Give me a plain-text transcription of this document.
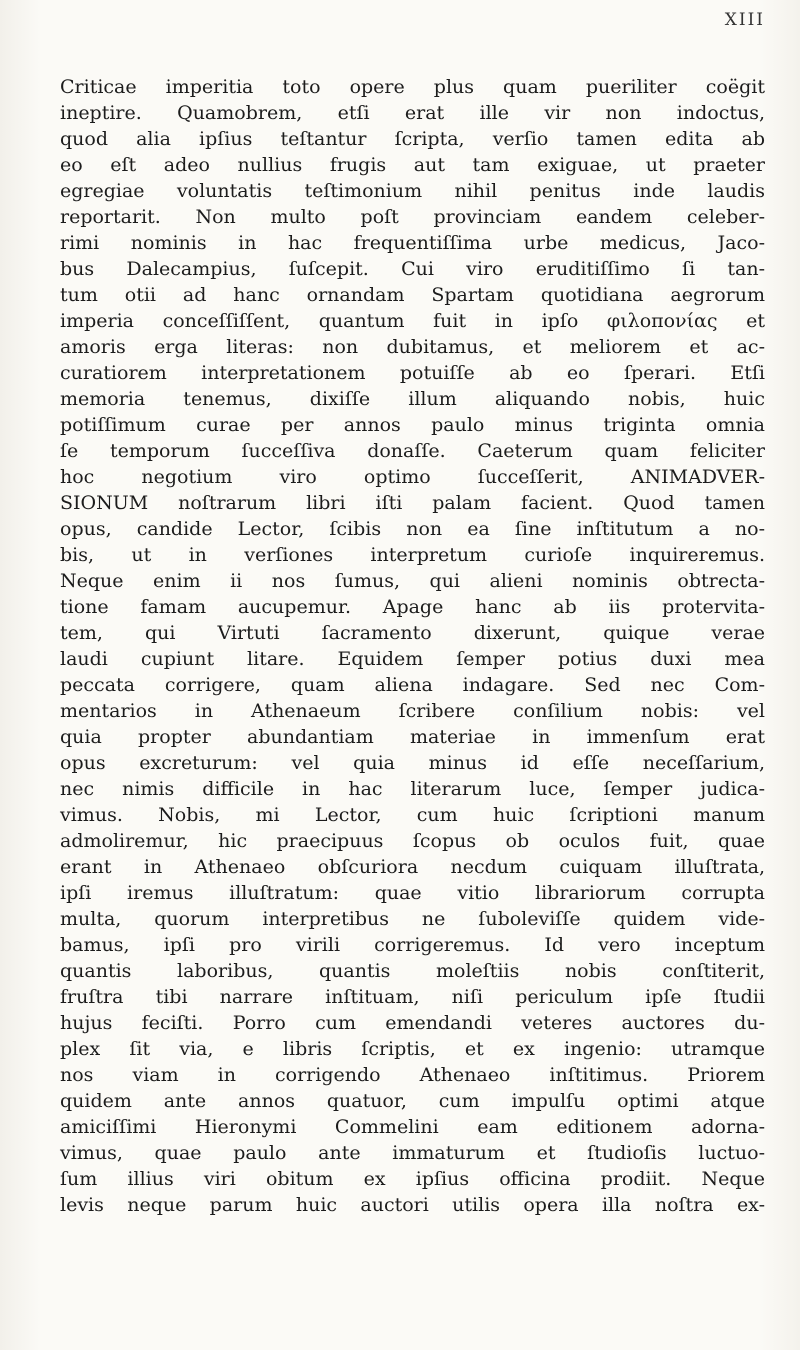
XIII
Criticae imperitia toto opere plus quam pueriliter coëgit
ineptire. Quamobrem, etſi erat ille vir non indoctus,
quod alia ipſius teſtantur ſcripta, verſio tamen edita ab
eo eſt adeo nullius frugis aut tam exiguae, ut praeter
egregiae voluntatis teſtimonium nihil penitus inde laudis
reportarit. Non multo poſt provinciam eandem celeber-
rimi nominis in hac frequentiſſima urbe medicus, Jaco-
bus Dalecampius, ſuſcepit. Cui viro eruditiſſimo ſi tan-
tum otii ad hanc ornandam Spartam quotidiana aegrorum
imperia conceſſiſſent, quantum fuit in ipſo φιλοπονίας et
amoris erga literas: non dubitamus, et meliorem et ac-
curatiorem interpretationem potuiſſe ab eo ſperari. Etſi
memoria tenemus, dixiſſe illum aliquando nobis, huic
potiſſimum curae per annos paulo minus triginta omnia
ſe temporum ſucceſſiva donaſſe. Caeterum quam feliciter
hoc negotium viro optimo ſucceſſerit, ANIMADVER-
SIONUM noſtrarum libri iſti palam facient. Quod tamen
opus, candide Lector, ſcibis non ea ſine inſtitutum a no-
bis, ut in verſiones interpretum curioſe inquireremus.
Neque enim ii nos ſumus, qui alieni nominis obtrecta-
tione famam aucupemur. Apage hanc ab iis protervita-
tem, qui Virtuti ſacramento dixerunt, quique verae
laudi cupiunt litare. Equidem ſemper potius duxi mea
peccata corrigere, quam aliena indagare. Sed nec Com-
mentarios in Athenaeum ſcribere conſilium nobis: vel
quia propter abundantiam materiae in immenſum erat
opus excreturum: vel quia minus id eſſe neceſſarium,
nec nimis difficile in hac literarum luce, ſemper judica-
vimus. Nobis, mi Lector, cum huic ſcriptioni manum
admoliremur, hic praecipuus ſcopus ob oculos fuit, quae
erant in Athenaeo obſcuriora necdum cuiquam illuſtrata,
ipſi iremus illuſtratum: quae vitio librariorum corrupta
multa, quorum interpretibus ne ſuboleviſſe quidem vide-
bamus, ipſi pro virili corrigeremus. Id vero inceptum
quantis laboribus, quantis moleſtiis nobis conſtiterit,
fruſtra tibi narrare inſtituam, niſi periculum ipſe ſtudii
hujus feciſti. Porro cum emendandi veteres auctores du-
plex ſit via, e libris ſcriptis, et ex ingenio: utramque
nos viam in corrigendo Athenaeo inſtitimus. Priorem
quidem ante annos quatuor, cum impulſu optimi atque
amiciſſimi Hieronymi Commelini eam editionem adorna-
vimus, quae paulo ante immaturum et ſtudioſis luctuo-
ſum illius viri obitum ex ipſius officina prodiit. Neque
levis neque parum huic auctori utilis opera illa noſtra ex-
